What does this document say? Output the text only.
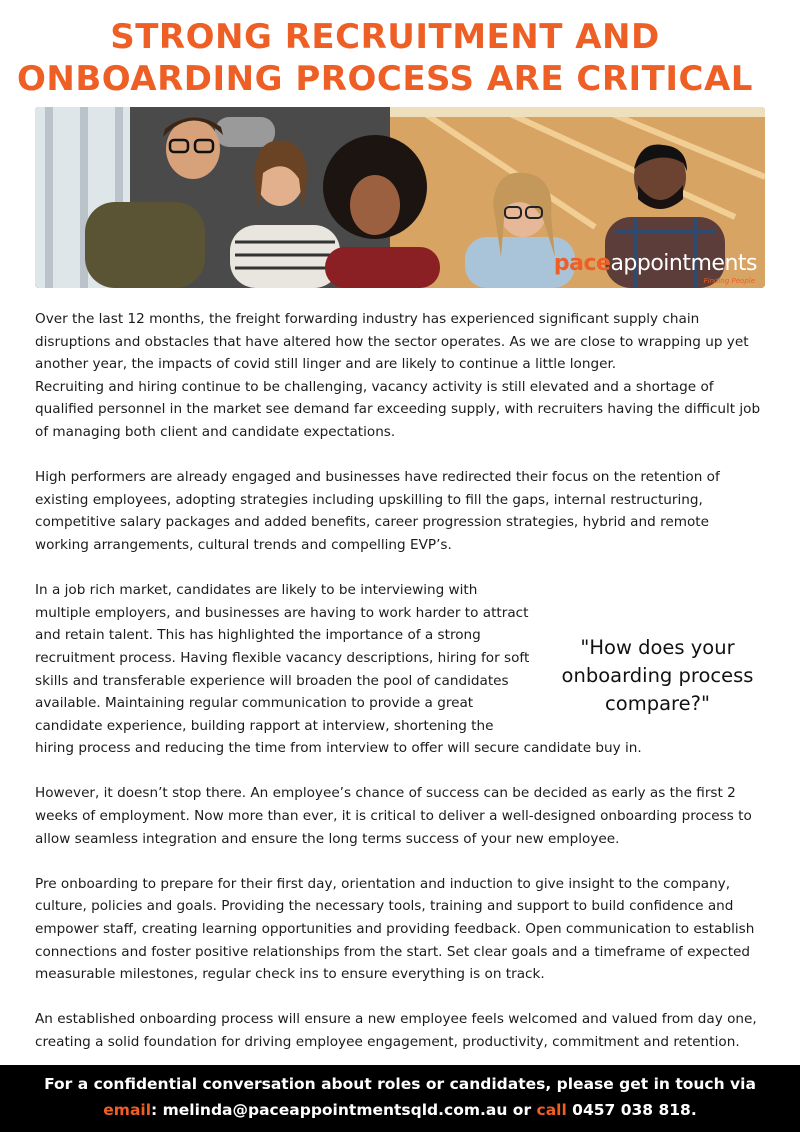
STRONG RECRUITMENT AND
ONBOARDING PROCESS ARE CRITICAL
paceappointments
Finding People

Over the last 12 months, the freight forwarding industry has experienced significant supply chain disruptions and obstacles that have altered how the sector operates. As we are close to wrapping up yet another year, the impacts of covid still linger and are likely to continue a little longer.

Recruiting and hiring continue to be challenging, vacancy activity is still elevated and a shortage of qualified personnel in the market see demand far exceeding supply, with recruiters having the difficult job of managing both client and candidate expectations.

High performers are already engaged and businesses have redirected their focus on the retention of existing employees, adopting strategies including upskilling to fill the gaps, internal restructuring, competitive salary packages and added benefits, career progression strategies, hybrid and remote working arrangements, cultural trends and compelling EVP’s.

"How does your onboarding process compare?"

In a job rich market, candidates are likely to be interviewing with multiple employers, and businesses are having to work harder to attract and retain talent. This has highlighted the importance of a strong recruitment process. Having flexible vacancy descriptions, hiring for soft skills and transferable experience will broaden the pool of candidates available. Maintaining regular communication to provide a great candidate experience, building rapport at interview, shortening the hiring process and reducing the time from interview to offer will secure candidate buy in.

However, it doesn’t stop there. An employee’s chance of success can be decided as early as the first 2 weeks of employment. Now more than ever, it is critical to deliver a well-designed onboarding process to allow seamless integration and ensure the long terms success of your new employee.

Pre onboarding to prepare for their first day, orientation and induction to give insight to the company, culture, policies and goals. Providing the necessary tools, training and support to build confidence and empower staff, creating learning opportunities and providing feedback. Open communication to establish connections and foster positive relationships from the start. Set clear goals and a timeframe of expected measurable milestones, regular check ins to ensure everything is on track.

An established onboarding process will ensure a new employee feels welcomed and valued from day one, creating a solid foundation for driving employee engagement, productivity, commitment and retention.

For a confidential conversation about roles or candidates, please get in touch via
email: melinda@paceappointmentsqld.com.au or call 0457 038 818.
